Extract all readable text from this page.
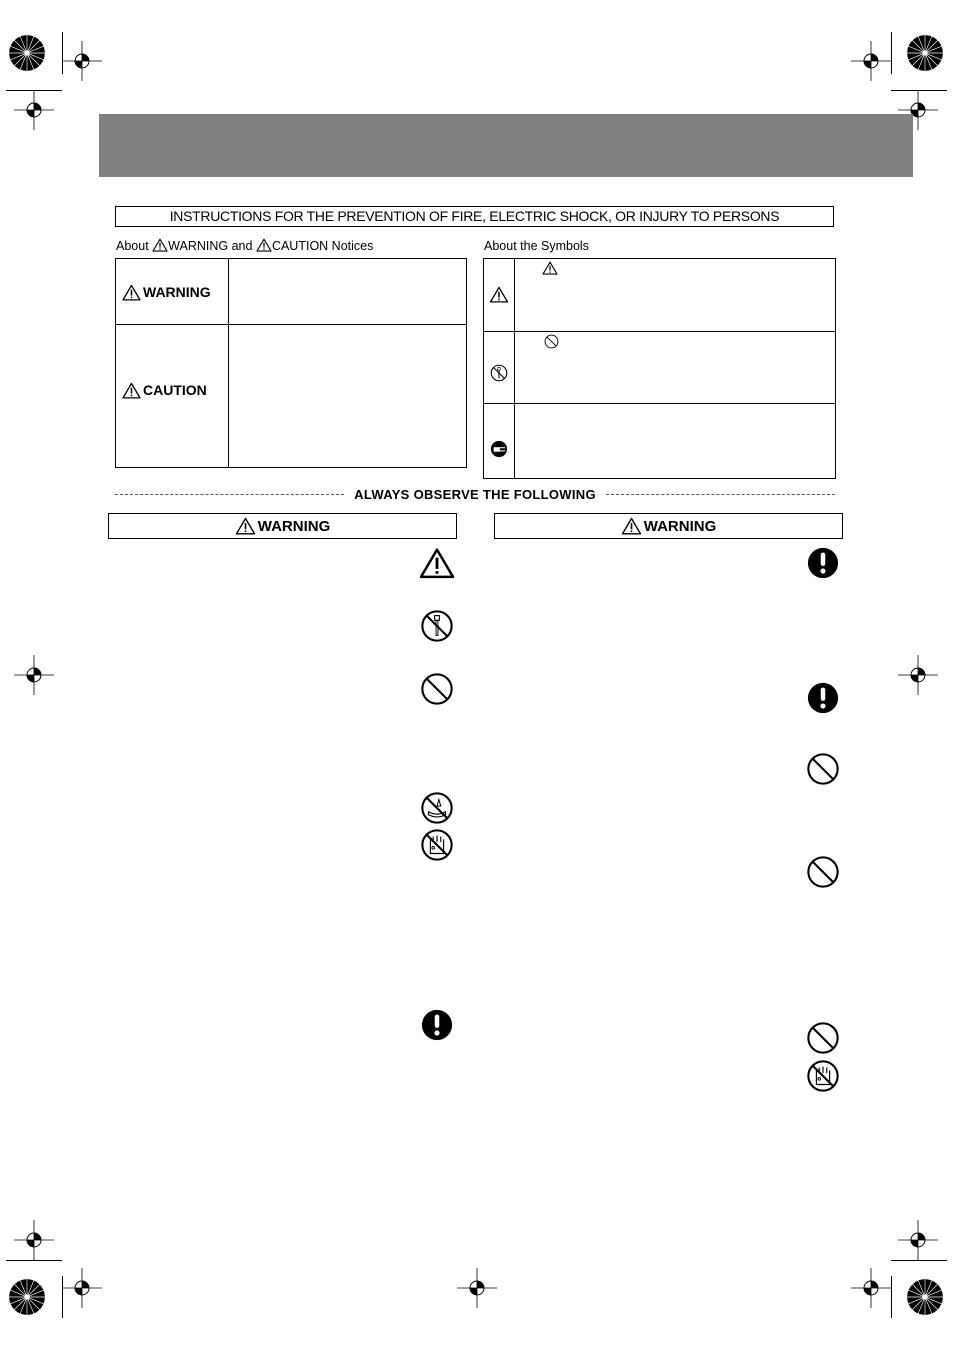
INSTRUCTIONS FOR THE PREVENTION OF FIRE, ELECTRIC SHOCK, OR INJURY TO PERSONS
About WARNING and CAUTION Notices	About the Symbols
WARNING
CAUTION
ALWAYS OBSERVE THE FOLLOWING
WARNING	WARNING
